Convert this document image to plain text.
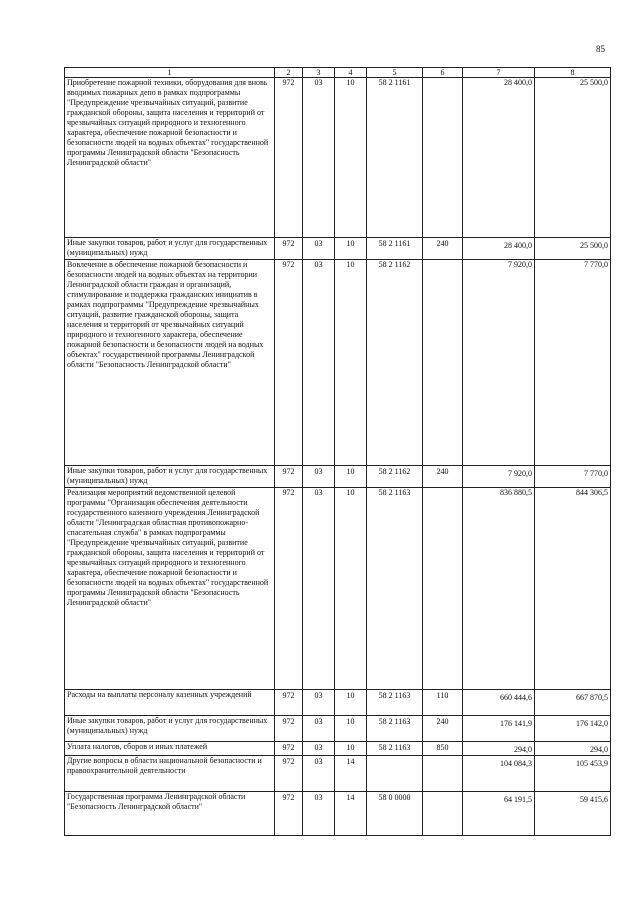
85
1	2	3	4	5	6	7	8
Приобретение пожарной техники, оборудования для вновь вводимых пожарных депо в рамках подпрограммы "Предупреждение чрезвычайных ситуаций, развитие гражданской обороны, защита населения и территорий от чрезвычайных ситуаций природного и техногенного характера, обеспечение пожарной безопасности и безопасности людей на водных объектах" государственной программы Ленинградской области "Безопасность Ленинградской области"	972	03	10	58 2 1161		28 400,0	25 500,0
Иные закупки товаров, работ и услуг для государственных (муниципальных) нужд	972	03	10	58 2 1161	240	28 400,0	25 500,0
Вовлечение в обеспечение пожарной безопасности и безопасности людей на водных объектах на территории Ленинградской области граждан и организаций, стимулирование и поддержка гражданских инициатив в рамках подпрограммы "Предупреждение чрезвычайных ситуаций, развитие гражданской обороны, защита населения и территорий от чрезвычайных ситуаций природного и техногенного характера, обеспечение пожарной безопасности и безопасности людей на водных объектах" государственной программы Ленинградской области "Безопасность Ленинградской области"	972	03	10	58 2 1162		7 920,0	7 770,0
Иные закупки товаров, работ и услуг для государственных (муниципальных) нужд	972	03	10	58 2 1162	240	7 920,0	7 770,0
Реализация мероприятий ведомственной целевой программы "Организация обеспечения деятельности государственного казенного учреждения Ленинградской области "Ленинградская областная противопожарно-спасательная служба" в рамках подпрограммы "Предупреждение чрезвычайных ситуаций, развитие гражданской обороны, защита населения и территорий от чрезвычайных ситуаций природного и техногенного характера, обеспечение пожарной безопасности и безопасности людей на водных объектах" государственной программы Ленинградской области "Безопасность Ленинградской области"	972	03	10	58 2 1163		836 880,5	844 306,5
Расходы на выплаты персоналу казенных учреждений	972	03	10	58 2 1163	110	660 444,6	667 870,5
Иные закупки товаров, работ и услуг для государственных (муниципальных) нужд	972	03	10	58 2 1163	240	176 141,9	176 142,0
Уплата налогов, сборов и иных платежей	972	03	10	58 2 1163	850	294,0	294,0
Другие вопросы в области национальной безопасности и правоохранительной деятельности	972	03	14			104 084,3	105 453,9
Государственная программа Ленинградской области "Безопасность Ленинградской области"	972	03	14	58 0 0000		64 191,5	59 415,6
